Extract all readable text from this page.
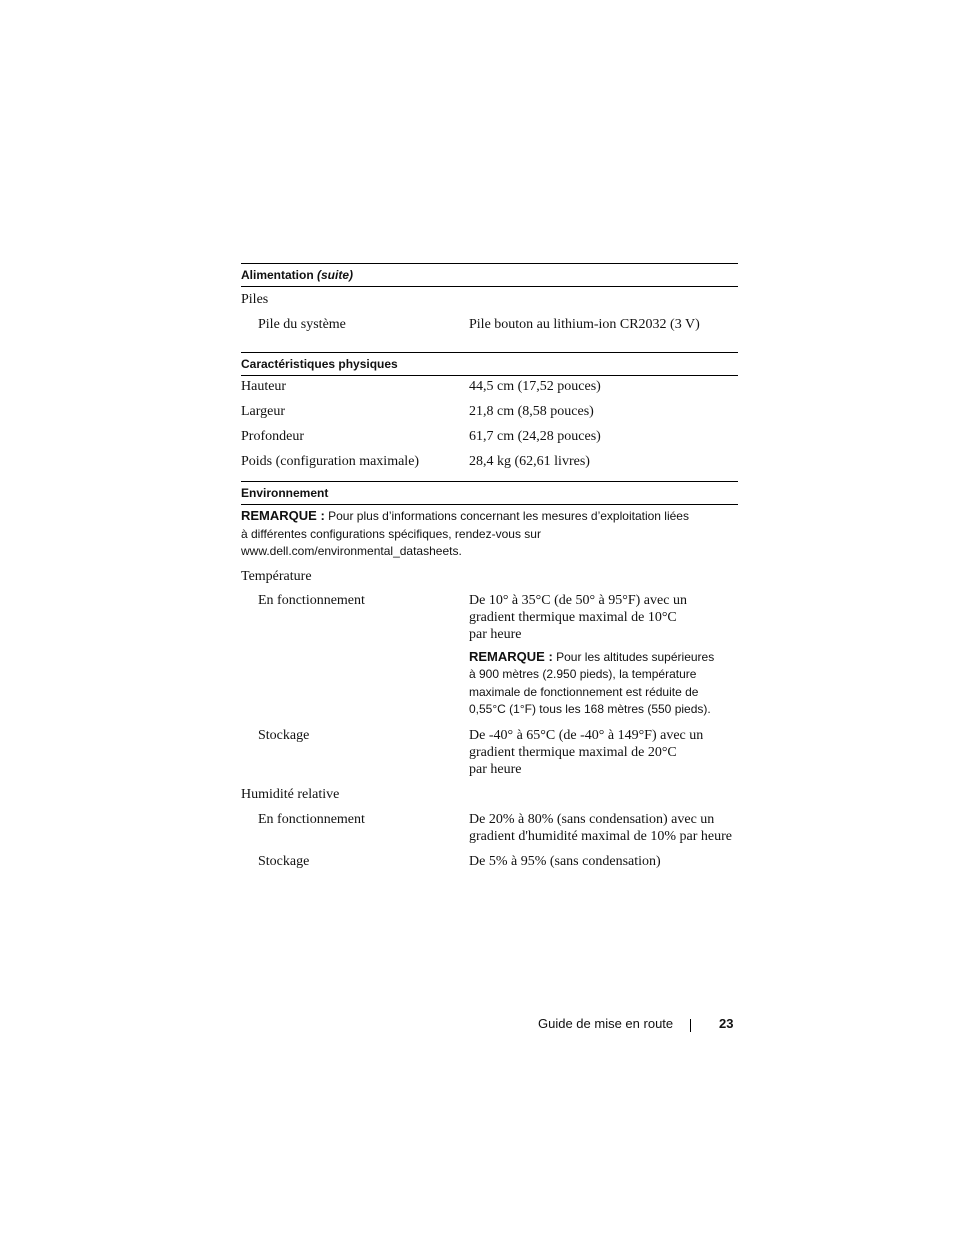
Alimentation (suite)
Piles
Pile du système	Pile bouton au lithium-ion CR2032 (3 V)
Caractéristiques physiques
Hauteur	44,5 cm (17,52 pouces)
Largeur	21,8 cm (8,58 pouces)
Profondeur	61,7 cm (24,28 pouces)
Poids (configuration maximale)	28,4 kg (62,61 livres)
Environnement
REMARQUE : Pour plus d’informations concernant les mesures d’exploitation liées
à différentes configurations spécifiques, rendez-vous sur
www.dell.com/environmental_datasheets.
Température
En fonctionnement	De 10° à 35°C (de 50° à 95°F) avec un
gradient thermique maximal de 10°C
par heure
REMARQUE : Pour les altitudes supérieures
à 900 mètres (2.950 pieds), la température
maximale de fonctionnement est réduite de
0,55°C (1°F) tous les 168 mètres (550 pieds).
Stockage	De -40° à 65°C (de -40° à 149°F) avec un
gradient thermique maximal de 20°C
par heure
Humidité relative
En fonctionnement	De 20% à 80% (sans condensation) avec un
gradient d'humidité maximal de 10% par heure
Stockage	De 5% à 95% (sans condensation)
Guide de mise en route	23
